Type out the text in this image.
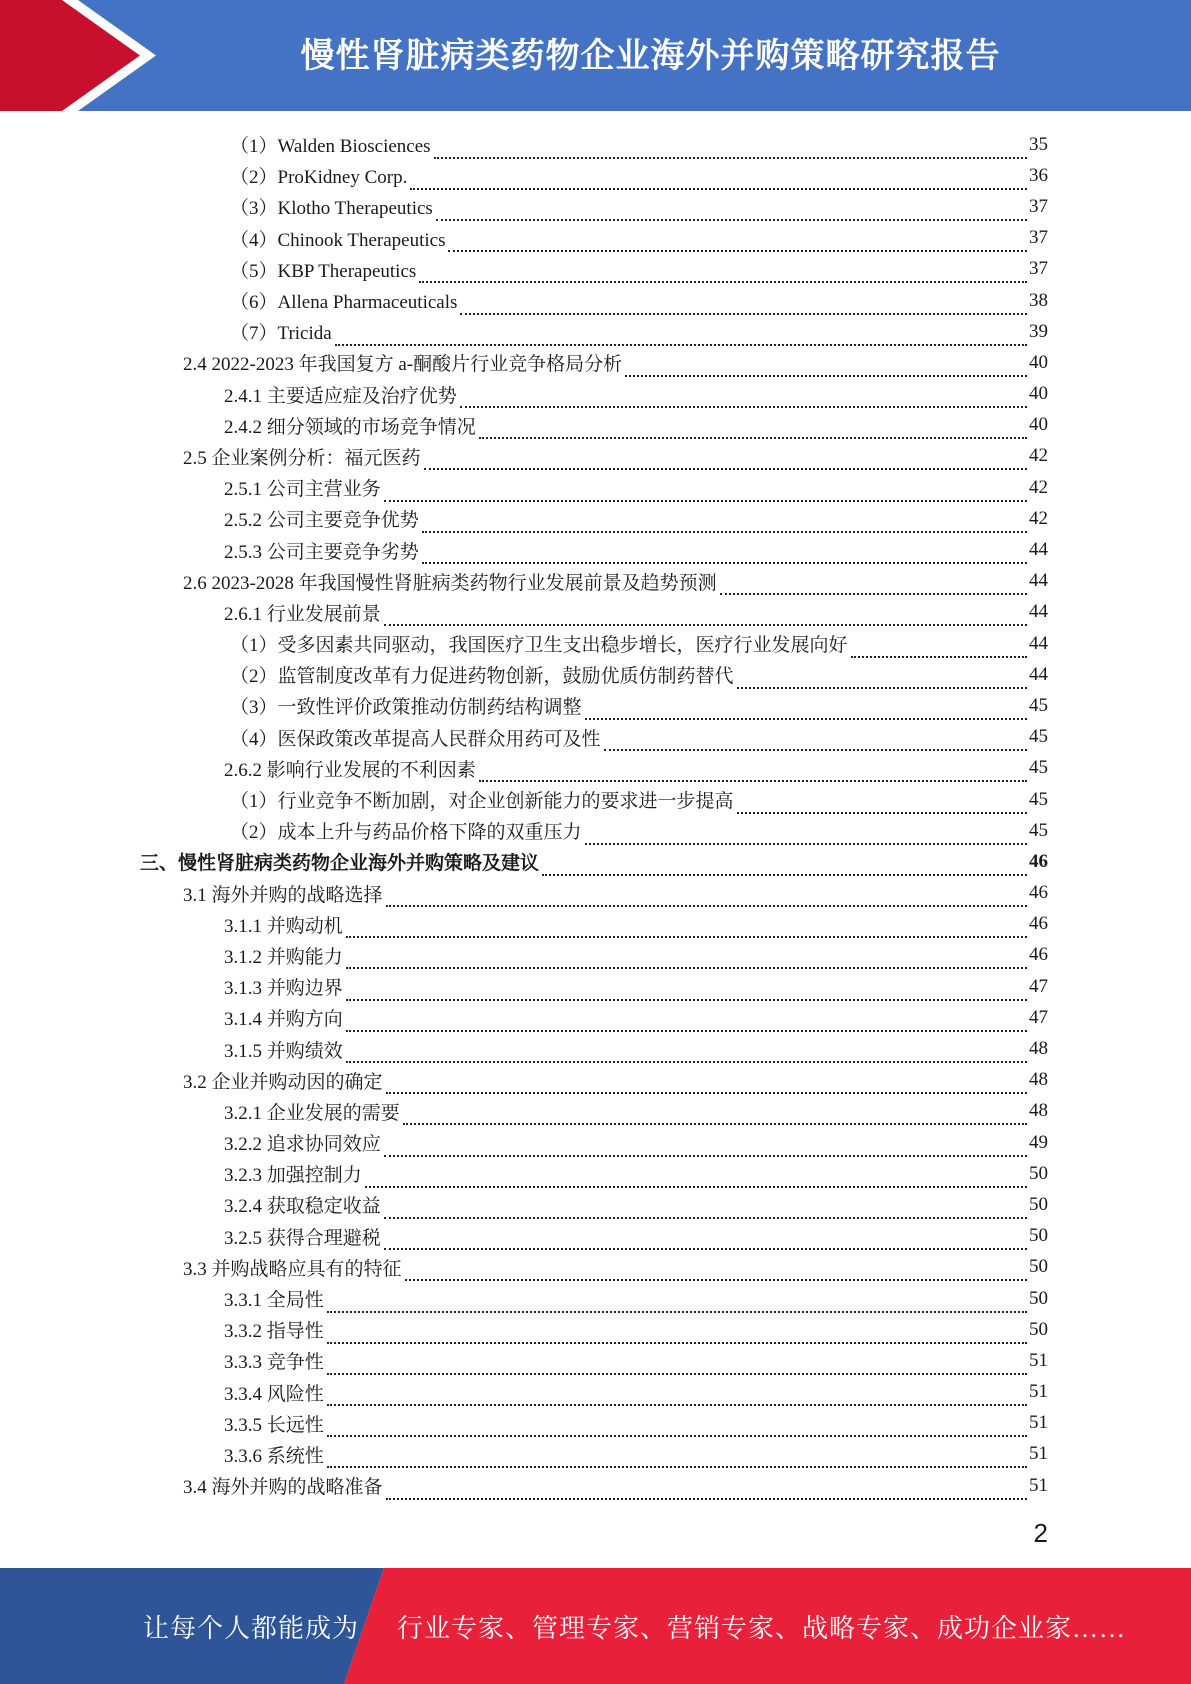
慢性肾脏病类药物企业海外并购策略研究报告
（1）Walden Biosciences	35
（2）ProKidney Corp.	36
（3）Klotho Therapeutics	37
（4）Chinook Therapeutics	37
（5）KBP Therapeutics	37
（6）Allena Pharmaceuticals	38
（7）Tricida	39
2.4 2022-2023 年我国复方 a-酮酸片行业竞争格局分析	40
2.4.1 主要适应症及治疗优势	40
2.4.2 细分领域的市场竞争情况	40
2.5 企业案例分析：福元医药	42
2.5.1 公司主营业务	42
2.5.2 公司主要竞争优势	42
2.5.3 公司主要竞争劣势	44
2.6 2023-2028 年我国慢性肾脏病类药物行业发展前景及趋势预测	44
2.6.1 行业发展前景	44
（1）受多因素共同驱动，我国医疗卫生支出稳步增长，医疗行业发展向好	44
（2）监管制度改革有力促进药物创新，鼓励优质仿制药替代	44
（3）一致性评价政策推动仿制药结构调整	45
（4）医保政策改革提高人民群众用药可及性	45
2.6.2 影响行业发展的不利因素	45
（1）行业竞争不断加剧，对企业创新能力的要求进一步提高	45
（2）成本上升与药品价格下降的双重压力	45
三、慢性肾脏病类药物企业海外并购策略及建议	46
3.1 海外并购的战略选择	46
3.1.1 并购动机	46
3.1.2 并购能力	46
3.1.3 并购边界	47
3.1.4 并购方向	47
3.1.5 并购绩效	48
3.2 企业并购动因的确定	48
3.2.1 企业发展的需要	48
3.2.2 追求协同效应	49
3.2.3 加强控制力	50
3.2.4 获取稳定收益	50
3.2.5 获得合理避税	50
3.3 并购战略应具有的特征	50
3.3.1 全局性	50
3.3.2 指导性	50
3.3.3 竞争性	51
3.3.4 风险性	51
3.3.5 长远性	51
3.3.6 系统性	51
3.4 海外并购的战略准备	51
2
让每个人都能成为 行业专家、管理专家、营销专家、战略专家、成功企业家……
